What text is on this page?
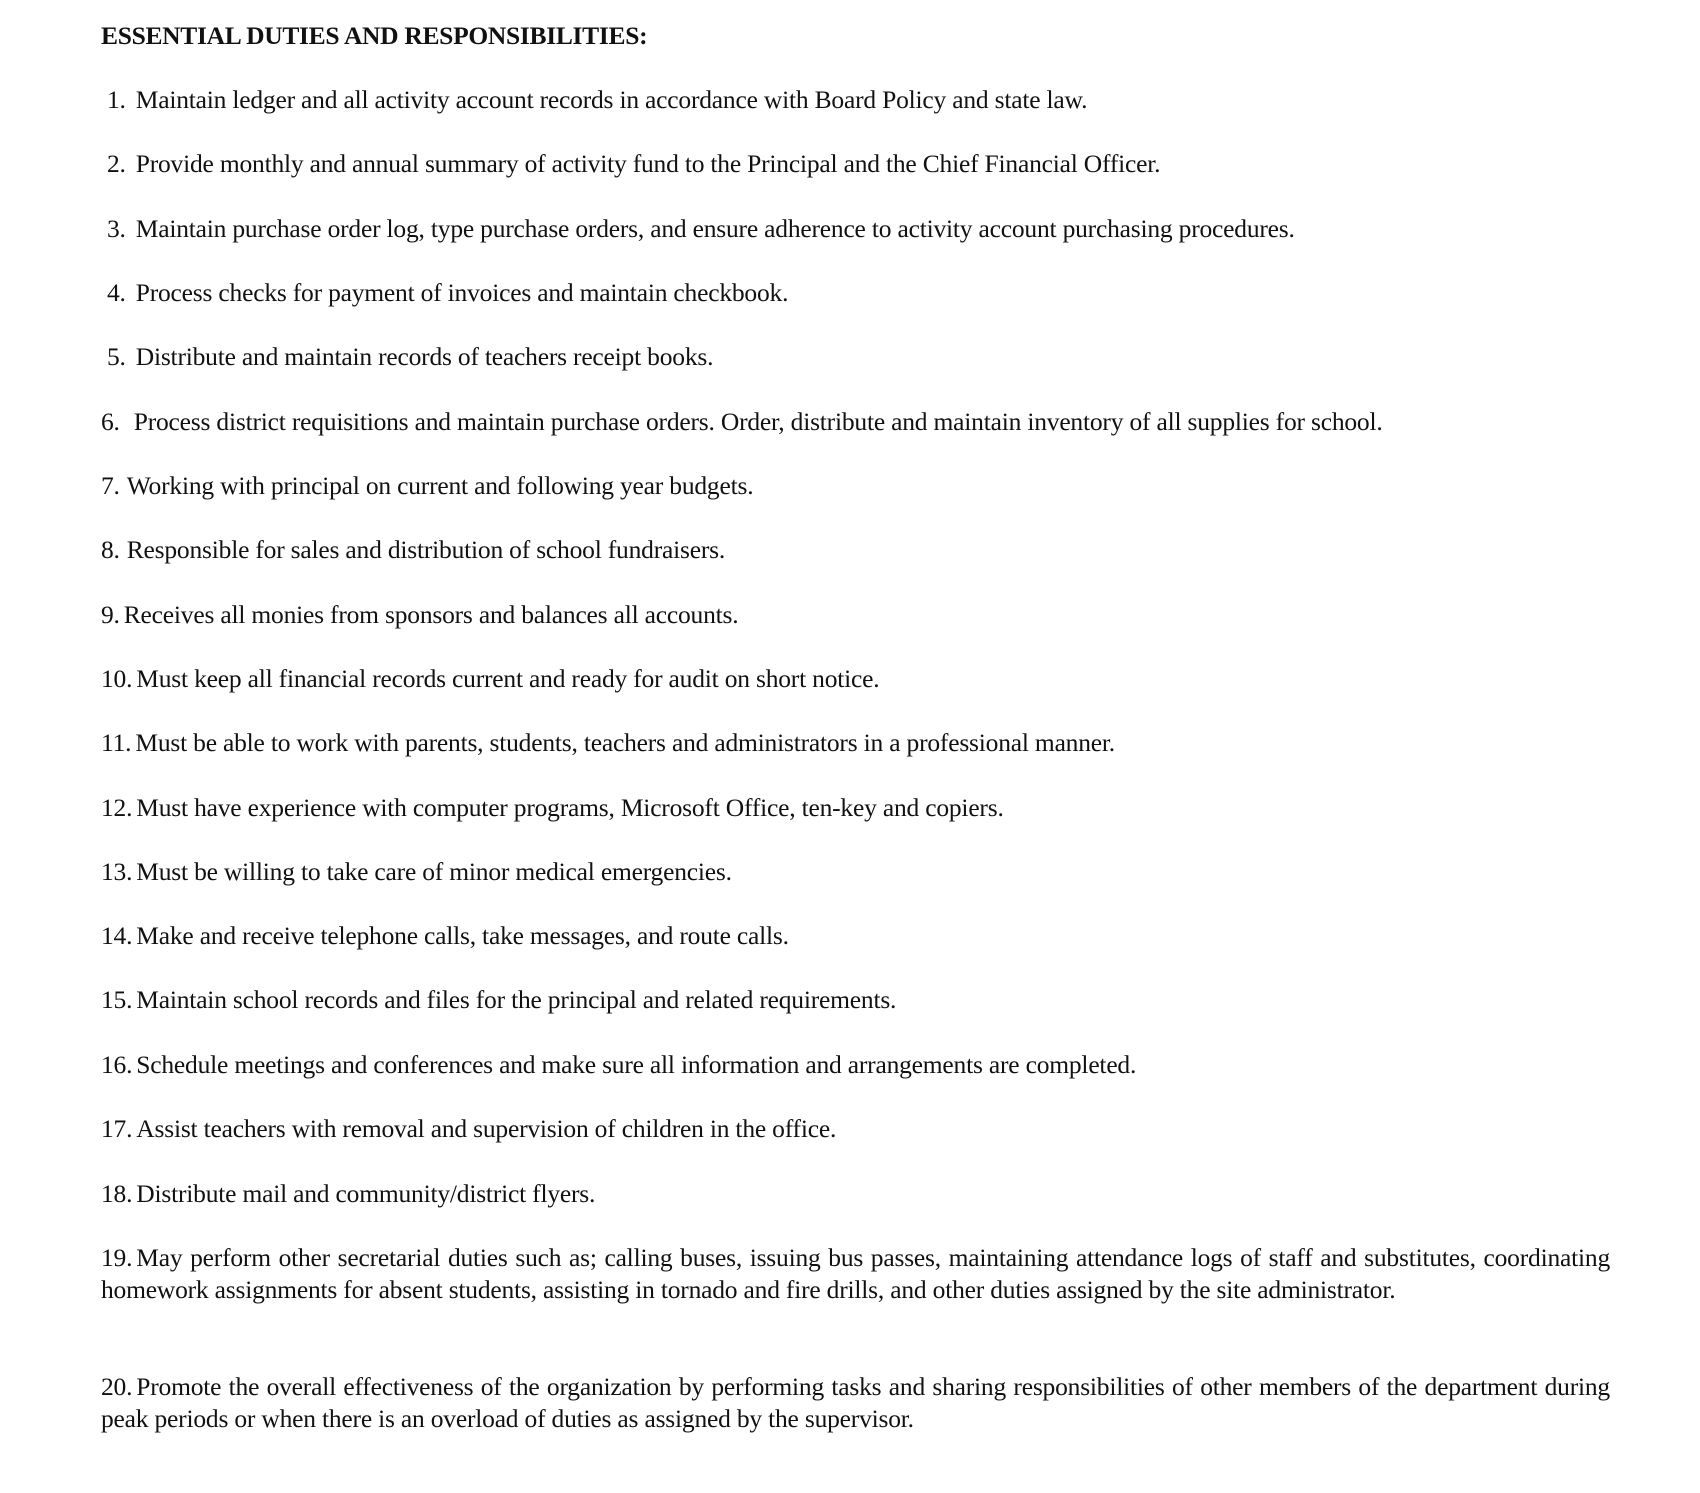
ESSENTIAL DUTIES AND RESPONSIBILITIES:
1. Maintain ledger and all activity account records in accordance with Board Policy and state law.
2. Provide monthly and annual summary of activity fund to the Principal and the Chief Financial Officer.
3. Maintain purchase order log, type purchase orders, and ensure adherence to activity account purchasing procedures.
4. Process checks for payment of invoices and maintain checkbook.
5. Distribute and maintain records of teachers receipt books.
6. Process district requisitions and maintain purchase orders. Order, distribute and maintain inventory of all supplies for school.
7. Working with principal on current and following year budgets.
8. Responsible for sales and distribution of school fundraisers.
9. Receives all monies from sponsors and balances all accounts.
10. Must keep all financial records current and ready for audit on short notice.
11. Must be able to work with parents, students, teachers and administrators in a professional manner.
12. Must have experience with computer programs, Microsoft Office, ten-key and copiers.
13. Must be willing to take care of minor medical emergencies.
14. Make and receive telephone calls, take messages, and route calls.
15. Maintain school records and files for the principal and related requirements.
16. Schedule meetings and conferences and make sure all information and arrangements are completed.
17. Assist teachers with removal and supervision of children in the office.
18. Distribute mail and community/district flyers.
19. May perform other secretarial duties such as; calling buses, issuing bus passes, maintaining attendance logs of staff and substitutes, coordinating homework assignments for absent students, assisting in tornado and fire drills, and other duties assigned by the site administrator.
20. Promote the overall effectiveness of the organization by performing tasks and sharing responsibilities of other members of the department during peak periods or when there is an overload of duties as assigned by the supervisor.
